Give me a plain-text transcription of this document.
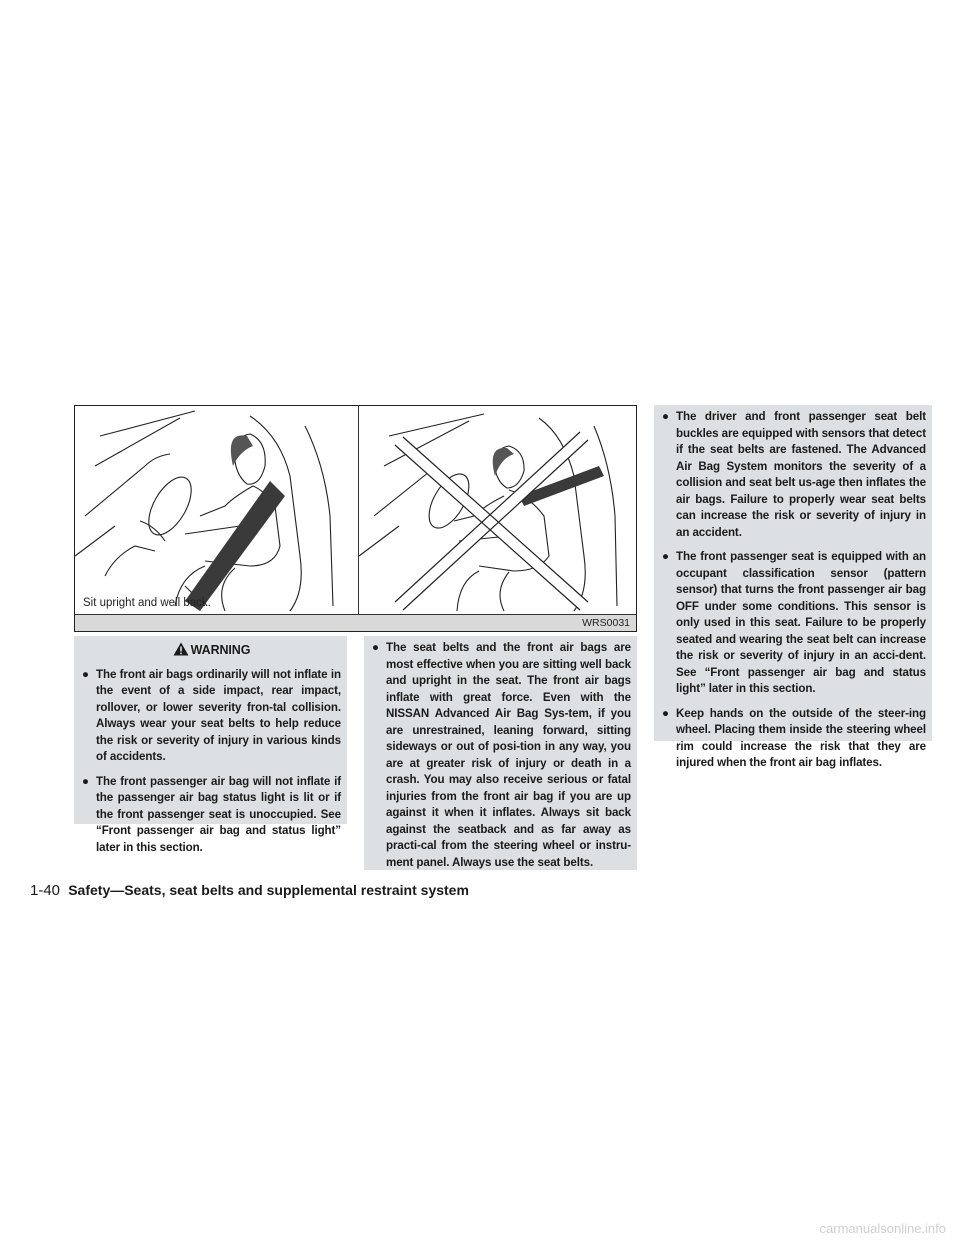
Sit upright and well back.
WRS0031
WARNING
● The front air bags ordinarily will not inflate in the event of a side impact, rear impact, rollover, or lower severity fron-tal collision. Always wear your seat belts to help reduce the risk or severity of injury in various kinds of accidents.
● The front passenger air bag will not inflate if the passenger air bag status light is lit or if the front passenger seat is unoccupied. See “Front passenger air bag and status light” later in this section.
● The seat belts and the front air bags are most effective when you are sitting well back and upright in the seat. The front air bags inflate with great force. Even with the NISSAN Advanced Air Bag Sys-tem, if you are unrestrained, leaning forward, sitting sideways or out of posi-tion in any way, you are at greater risk of injury or death in a crash. You may also receive serious or fatal injuries from the front air bag if you are up against it when it inflates. Always sit back against the seatback and as far away as practi-cal from the steering wheel or instru-ment panel. Always use the seat belts.
● The driver and front passenger seat belt buckles are equipped with sensors that detect if the seat belts are fastened. The Advanced Air Bag System monitors the severity of a collision and seat belt us-age then inflates the air bags. Failure to properly wear seat belts can increase the risk or severity of injury in an accident.
● The front passenger seat is equipped with an occupant classification sensor (pattern sensor) that turns the front passenger air bag OFF under some conditions. This sensor is only used in this seat. Failure to be properly seated and wearing the seat belt can increase the risk or severity of injury in an acci-dent. See “Front passenger air bag and status light” later in this section.
● Keep hands on the outside of the steer-ing wheel. Placing them inside the steering wheel rim could increase the risk that they are injured when the front air bag inflates.
1-40 Safety—Seats, seat belts and supplemental restraint system
carmanualsonline.info
